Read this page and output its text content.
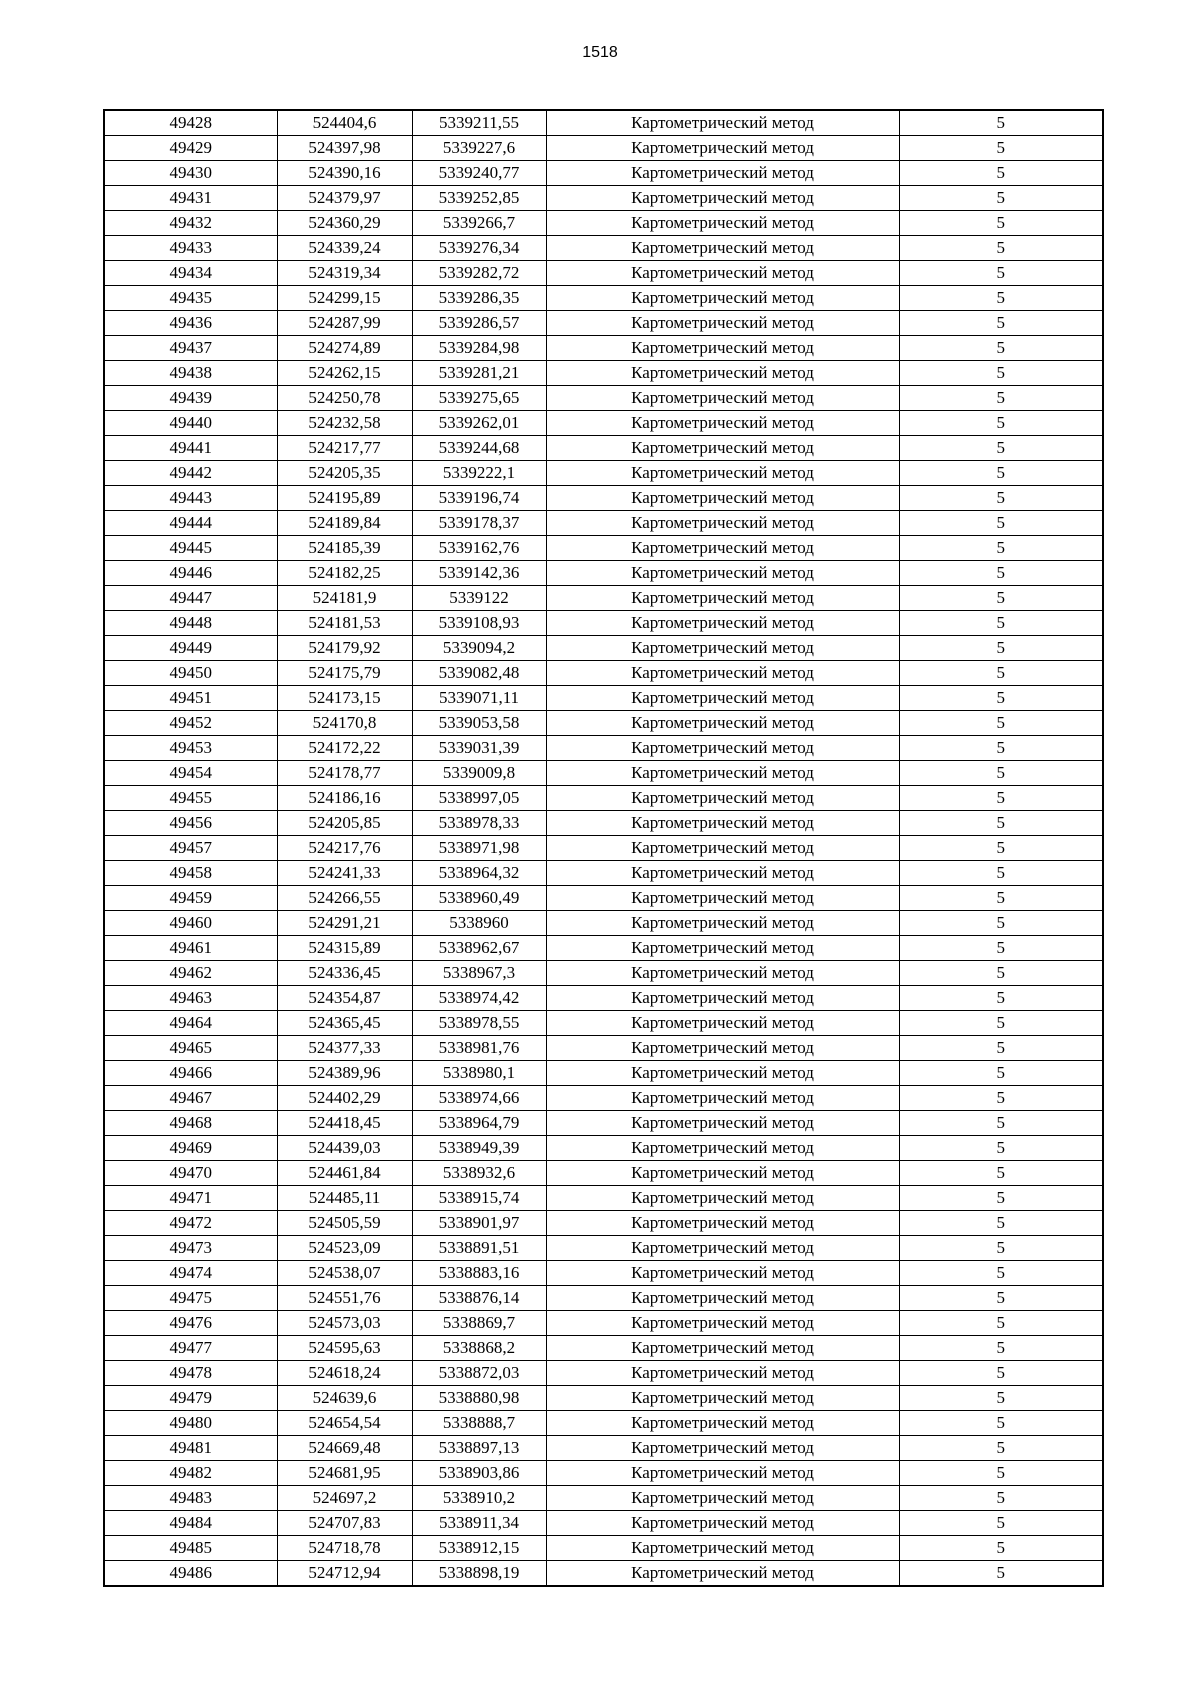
1518
49428	524404,6	5339211,55	Картометрический метод	5
49429	524397,98	5339227,6	Картометрический метод	5
49430	524390,16	5339240,77	Картометрический метод	5
49431	524379,97	5339252,85	Картометрический метод	5
49432	524360,29	5339266,7	Картометрический метод	5
49433	524339,24	5339276,34	Картометрический метод	5
49434	524319,34	5339282,72	Картометрический метод	5
49435	524299,15	5339286,35	Картометрический метод	5
49436	524287,99	5339286,57	Картометрический метод	5
49437	524274,89	5339284,98	Картометрический метод	5
49438	524262,15	5339281,21	Картометрический метод	5
49439	524250,78	5339275,65	Картометрический метод	5
49440	524232,58	5339262,01	Картометрический метод	5
49441	524217,77	5339244,68	Картометрический метод	5
49442	524205,35	5339222,1	Картометрический метод	5
49443	524195,89	5339196,74	Картометрический метод	5
49444	524189,84	5339178,37	Картометрический метод	5
49445	524185,39	5339162,76	Картометрический метод	5
49446	524182,25	5339142,36	Картометрический метод	5
49447	524181,9	5339122	Картометрический метод	5
49448	524181,53	5339108,93	Картометрический метод	5
49449	524179,92	5339094,2	Картометрический метод	5
49450	524175,79	5339082,48	Картометрический метод	5
49451	524173,15	5339071,11	Картометрический метод	5
49452	524170,8	5339053,58	Картометрический метод	5
49453	524172,22	5339031,39	Картометрический метод	5
49454	524178,77	5339009,8	Картометрический метод	5
49455	524186,16	5338997,05	Картометрический метод	5
49456	524205,85	5338978,33	Картометрический метод	5
49457	524217,76	5338971,98	Картометрический метод	5
49458	524241,33	5338964,32	Картометрический метод	5
49459	524266,55	5338960,49	Картометрический метод	5
49460	524291,21	5338960	Картометрический метод	5
49461	524315,89	5338962,67	Картометрический метод	5
49462	524336,45	5338967,3	Картометрический метод	5
49463	524354,87	5338974,42	Картометрический метод	5
49464	524365,45	5338978,55	Картометрический метод	5
49465	524377,33	5338981,76	Картометрический метод	5
49466	524389,96	5338980,1	Картометрический метод	5
49467	524402,29	5338974,66	Картометрический метод	5
49468	524418,45	5338964,79	Картометрический метод	5
49469	524439,03	5338949,39	Картометрический метод	5
49470	524461,84	5338932,6	Картометрический метод	5
49471	524485,11	5338915,74	Картометрический метод	5
49472	524505,59	5338901,97	Картометрический метод	5
49473	524523,09	5338891,51	Картометрический метод	5
49474	524538,07	5338883,16	Картометрический метод	5
49475	524551,76	5338876,14	Картометрический метод	5
49476	524573,03	5338869,7	Картометрический метод	5
49477	524595,63	5338868,2	Картометрический метод	5
49478	524618,24	5338872,03	Картометрический метод	5
49479	524639,6	5338880,98	Картометрический метод	5
49480	524654,54	5338888,7	Картометрический метод	5
49481	524669,48	5338897,13	Картометрический метод	5
49482	524681,95	5338903,86	Картометрический метод	5
49483	524697,2	5338910,2	Картометрический метод	5
49484	524707,83	5338911,34	Картометрический метод	5
49485	524718,78	5338912,15	Картометрический метод	5
49486	524712,94	5338898,19	Картометрический метод	5
